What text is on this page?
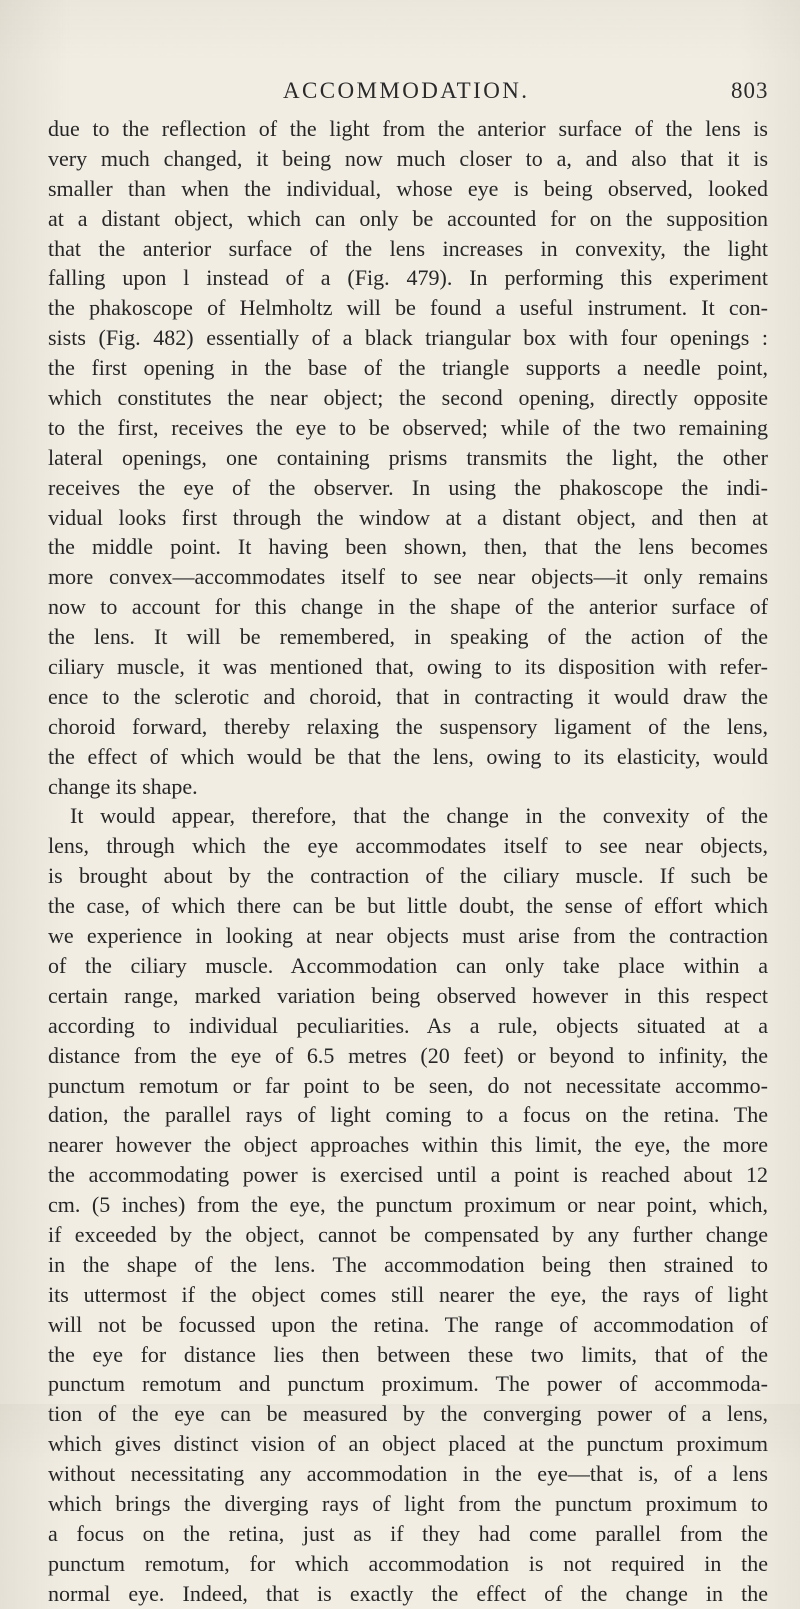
ACCOMMODATION.	803
due to the reflection of the light from the anterior surface of the lens is
very much changed, it being now much closer to a, and also that it is
smaller than when the individual, whose eye is being observed, looked
at a distant object, which can only be accounted for on the supposition
that the anterior surface of the lens increases in convexity, the light
falling upon l instead of a (Fig. 479). In performing this experiment
the phakoscope of Helmholtz will be found a useful instrument. It con-
sists (Fig. 482) essentially of a black triangular box with four openings :
the first opening in the base of the triangle supports a needle point,
which constitutes the near object; the second opening, directly opposite
to the first, receives the eye to be observed; while of the two remaining
lateral openings, one containing prisms transmits the light, the other
receives the eye of the observer. In using the phakoscope the indi-
vidual looks first through the window at a distant object, and then at
the middle point. It having been shown, then, that the lens becomes
more convex—accommodates itself to see near objects—it only remains
now to account for this change in the shape of the anterior surface of
the lens. It will be remembered, in speaking of the action of the
ciliary muscle, it was mentioned that, owing to its disposition with refer-
ence to the sclerotic and choroid, that in contracting it would draw the
choroid forward, thereby relaxing the suspensory ligament of the lens,
the effect of which would be that the lens, owing to its elasticity, would
change its shape.
It would appear, therefore, that the change in the convexity of the
lens, through which the eye accommodates itself to see near objects,
is brought about by the contraction of the ciliary muscle. If such be
the case, of which there can be but little doubt, the sense of effort which
we experience in looking at near objects must arise from the contraction
of the ciliary muscle. Accommodation can only take place within a
certain range, marked variation being observed however in this respect
according to individual peculiarities. As a rule, objects situated at a
distance from the eye of 6.5 metres (20 feet) or beyond to infinity, the
punctum remotum or far point to be seen, do not necessitate accommo-
dation, the parallel rays of light coming to a focus on the retina. The
nearer however the object approaches within this limit, the eye, the more
the accommodating power is exercised until a point is reached about 12
cm. (5 inches) from the eye, the punctum proximum or near point, which,
if exceeded by the object, cannot be compensated by any further change
in the shape of the lens. The accommodation being then strained to
its uttermost if the object comes still nearer the eye, the rays of light
will not be focussed upon the retina. The range of accommodation of
the eye for distance lies then between these two limits, that of the
punctum remotum and punctum proximum. The power of accommoda-
tion of the eye can be measured by the converging power of a lens,
which gives distinct vision of an object placed at the punctum proximum
without necessitating any accommodation in the eye—that is, of a lens
which brings the diverging rays of light from the punctum proximum to
a focus on the retina, just as if they had come parallel from the
punctum remotum, for which accommodation is not required in the
normal eye. Indeed, that is exactly the effect of the change in the
